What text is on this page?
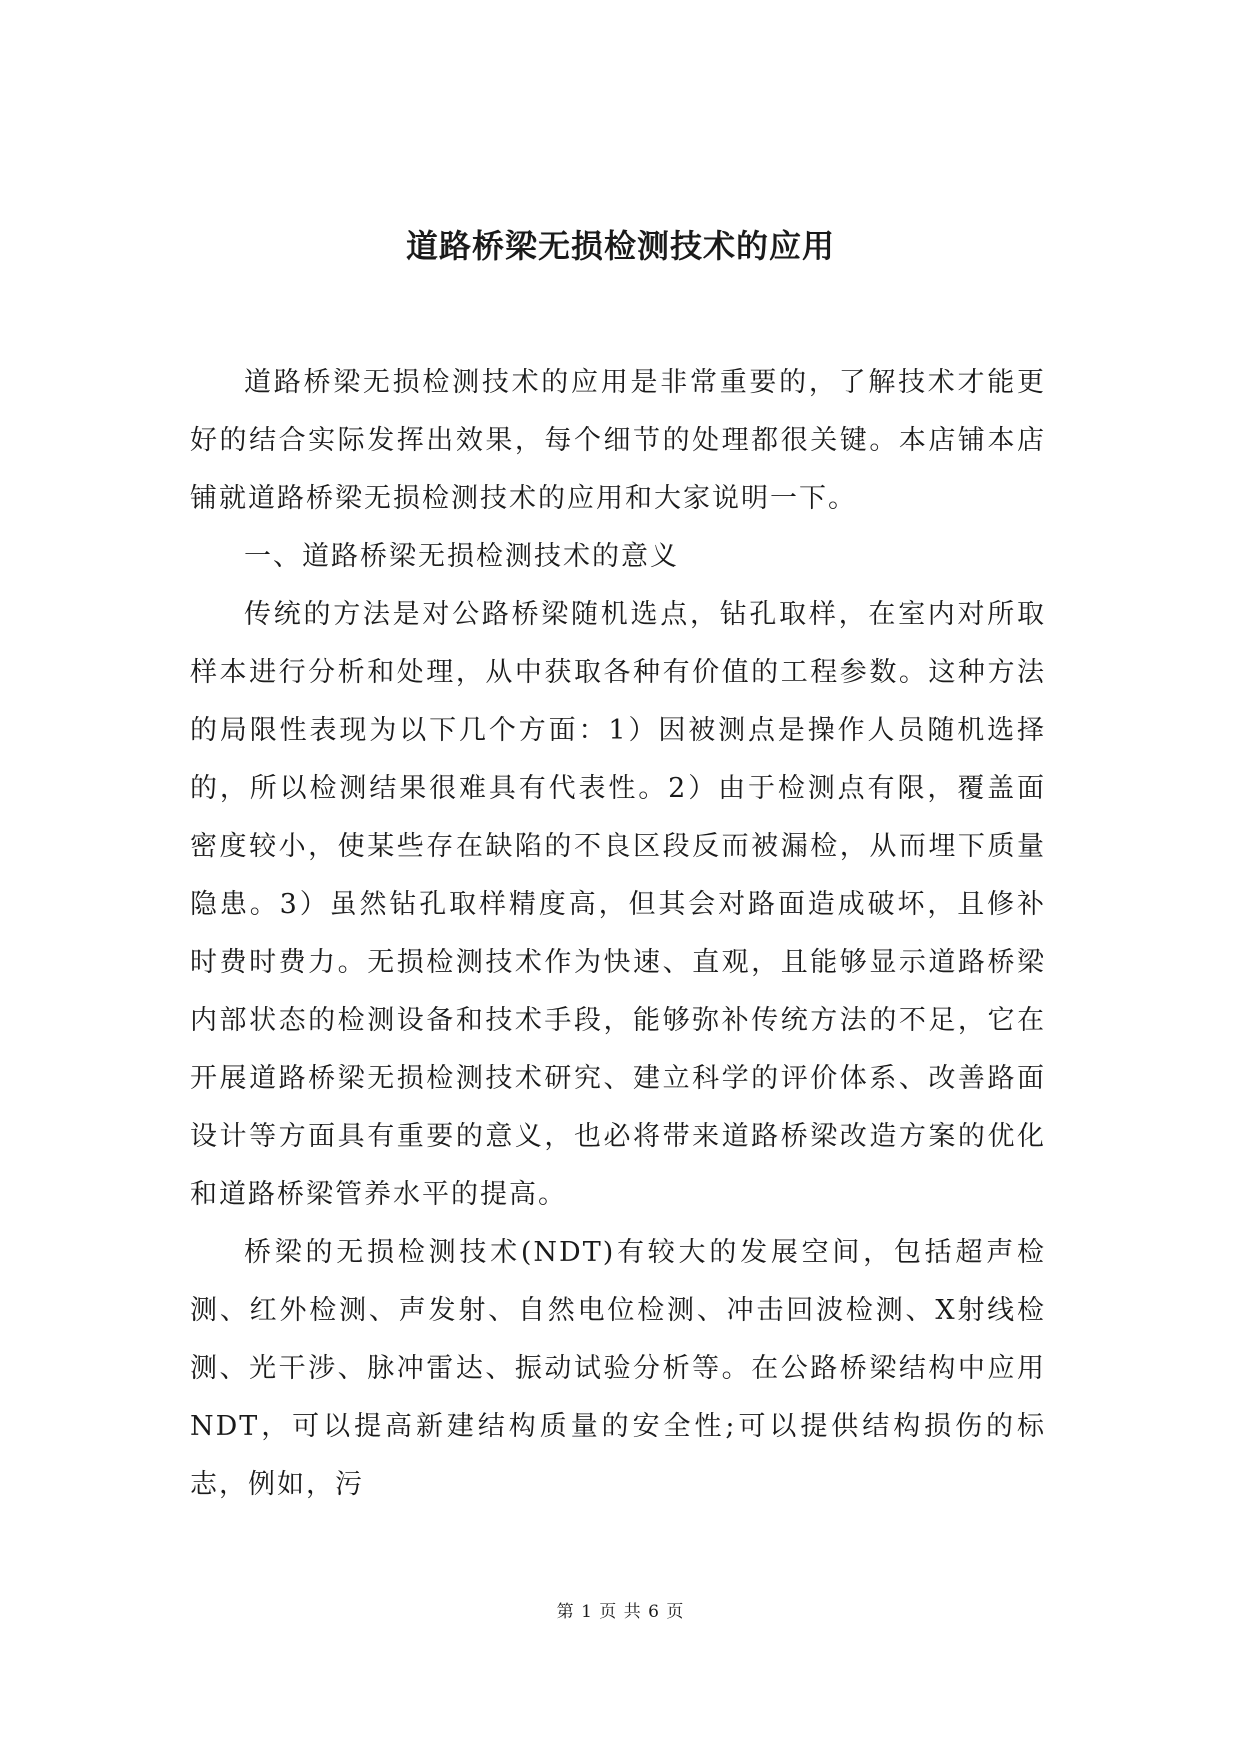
道路桥梁无损检测技术的应用

道路桥梁无损检测技术的应用是非常重要的，了解技术才能更好的结合实际发挥出效果，每个细节的处理都很关键。本店铺本店铺就道路桥梁无损检测技术的应用和大家说明一下。

一、道路桥梁无损检测技术的意义

传统的方法是对公路桥梁随机选点，钻孔取样，在室内对所取样本进行分析和处理，从中获取各种有价值的工程参数。这种方法的局限性表现为以下几个方面：1）因被测点是操作人员随机选择的，所以检测结果很难具有代表性。2）由于检测点有限，覆盖面密度较小，使某些存在缺陷的不良区段反而被漏检，从而埋下质量隐患。3）虽然钻孔取样精度高，但其会对路面造成破坏，且修补时费时费力。无损检测技术作为快速、直观，且能够显示道路桥梁内部状态的检测设备和技术手段，能够弥补传统方法的不足，它在开展道路桥梁无损检测技术研究、建立科学的评价体系、改善路面设计等方面具有重要的意义，也必将带来道路桥梁改造方案的优化和道路桥梁管养水平的提高。

桥梁的无损检测技术(NDT)有较大的发展空间，包括超声检测、红外检测、声发射、自然电位检测、冲击回波检测、X射线检测、光干涉、脉冲雷达、振动试验分析等。在公路桥梁结构中应用NDT，可以提高新建结构质量的安全性;可以提供结构损伤的标志，例如，污

第 1 页 共 6 页
